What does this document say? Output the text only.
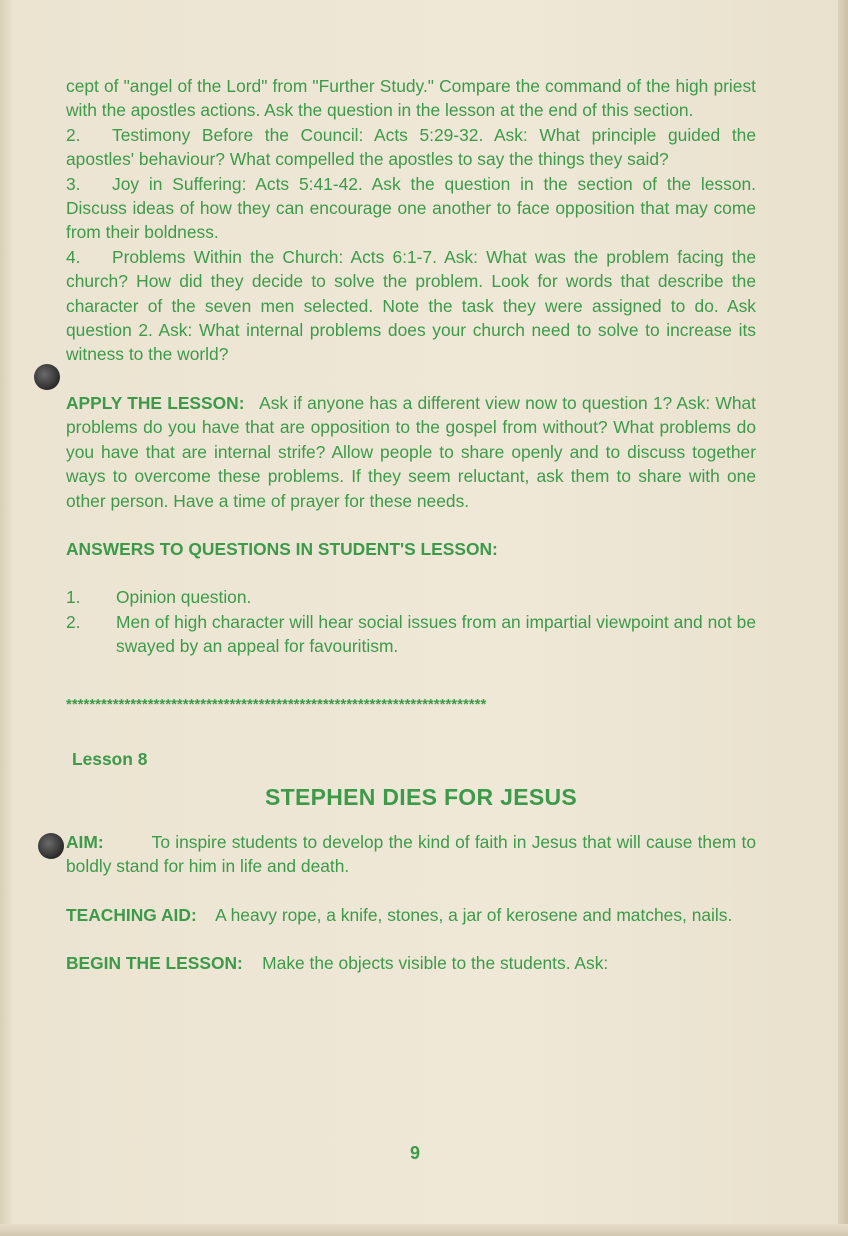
cept of "angel of the Lord" from "Further Study." Compare the command of the high priest with the apostles actions. Ask the question in the lesson at the end of this section.

2. Testimony Before the Council: Acts 5:29-32. Ask: What principle guided the apostles' behaviour? What compelled the apostles to say the things they said?

3. Joy in Suffering: Acts 5:41-42. Ask the question in the section of the lesson. Discuss ideas of how they can encourage one another to face opposition that may come from their boldness.

4. Problems Within the Church: Acts 6:1-7. Ask: What was the problem facing the church? How did they decide to solve the problem. Look for words that describe the character of the seven men selected. Note the task they were assigned to do. Ask question 2. Ask: What internal problems does your church need to solve to increase its witness to the world?

APPLY THE LESSON: Ask if anyone has a different view now to question 1? Ask: What problems do you have that are opposition to the gospel from without? What problems do you have that are internal strife? Allow people to share openly and to discuss together ways to overcome these problems. If they seem reluctant, ask them to share with one other person. Have a time of prayer for these needs.

ANSWERS TO QUESTIONS IN STUDENT'S LESSON:

1. Opinion question.
2. Men of high character will hear social issues from an impartial viewpoint and not be swayed by an appeal for favouritism.
************************************************************************
Lesson 8
STEPHEN DIES FOR JESUS

AIM:	To inspire students to develop the kind of faith in Jesus that will cause them to boldly stand for him in life and death.

TEACHING AID: A heavy rope, a knife, stones, a jar of kerosene and matches, nails.

BEGIN THE LESSON: Make the objects visible to the students. Ask:

9
